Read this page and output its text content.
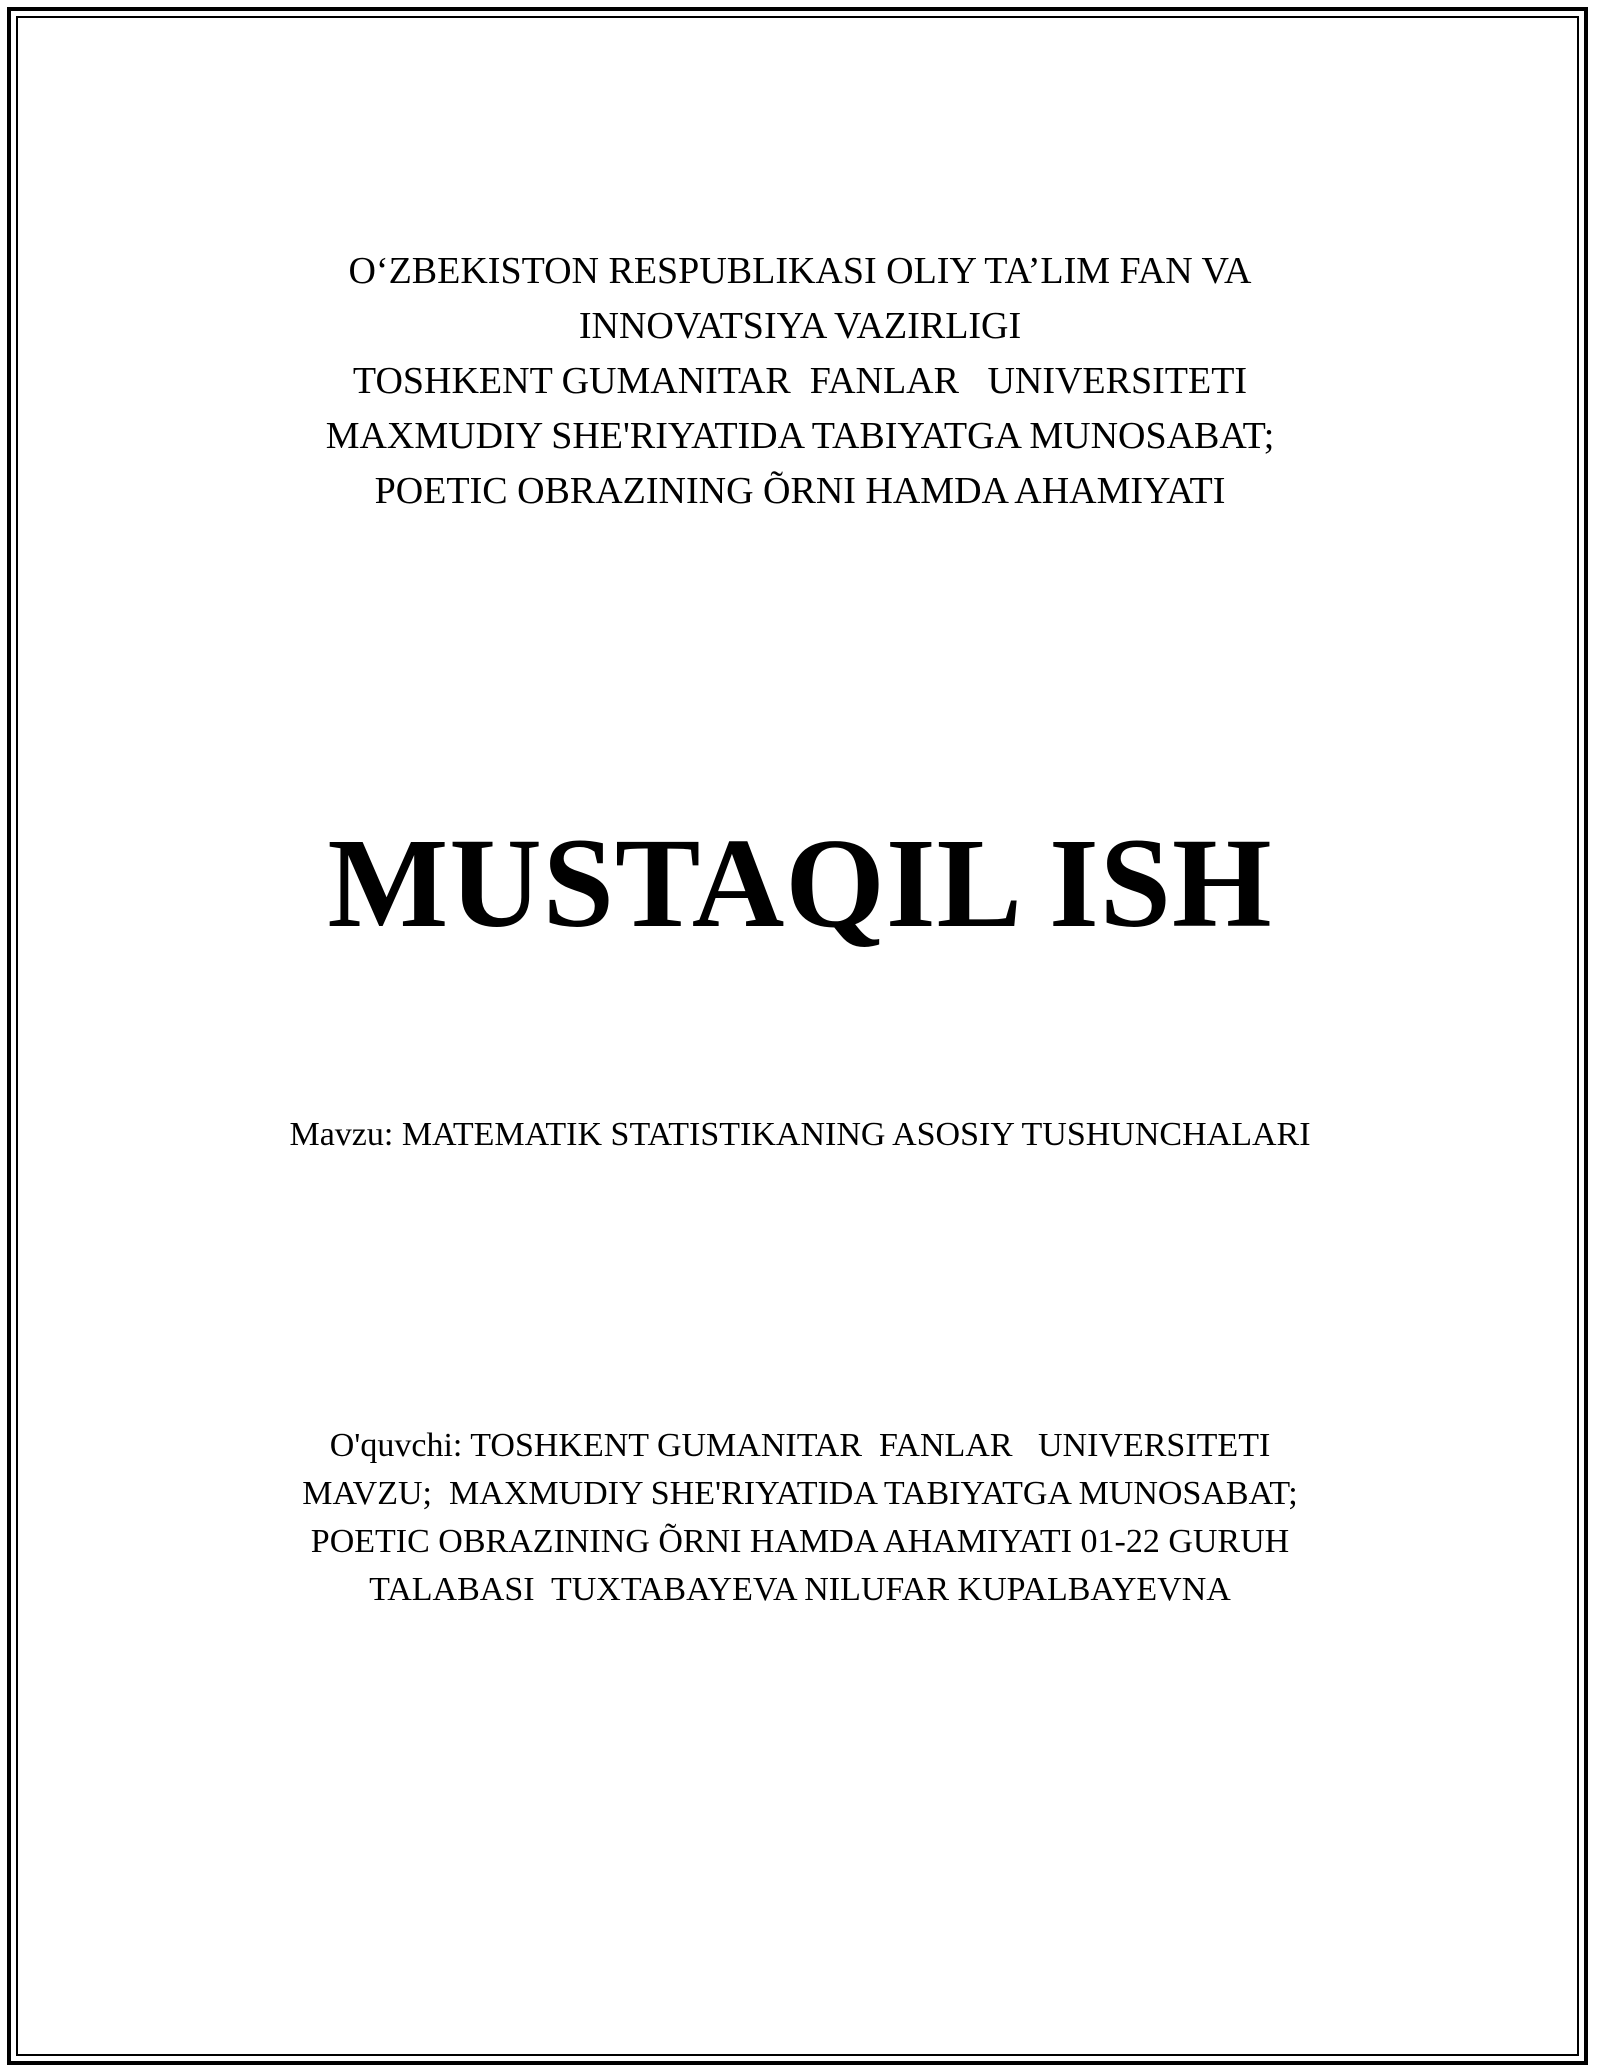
O‘ZBEKISTON RESPUBLIKASI OLIY TA’LIM FAN VA
INNOVATSIYA VAZIRLIGI
TOSHKENT GUMANITAR  FANLAR   UNIVERSITETI
MAXMUDIY SHE'RIYATIDA TABIYATGA MUNOSABAT;
POETIC OBRAZINING ÕRNI HAMDA AHAMIYATI
MUSTAQIL ISH
Mavzu: MATEMATIK STATISTIKANING ASOSIY TUSHUNCHALARI
O'quvchi: TOSHKENT GUMANITAR  FANLAR   UNIVERSITETI
MAVZU;  MAXMUDIY SHE'RIYATIDA TABIYATGA MUNOSABAT;
POETIC OBRAZINING ÕRNI HAMDA AHAMIYATI 01-22 GURUH
TALABASI  TUXTABAYEVA NILUFAR KUPALBAYEVNA
